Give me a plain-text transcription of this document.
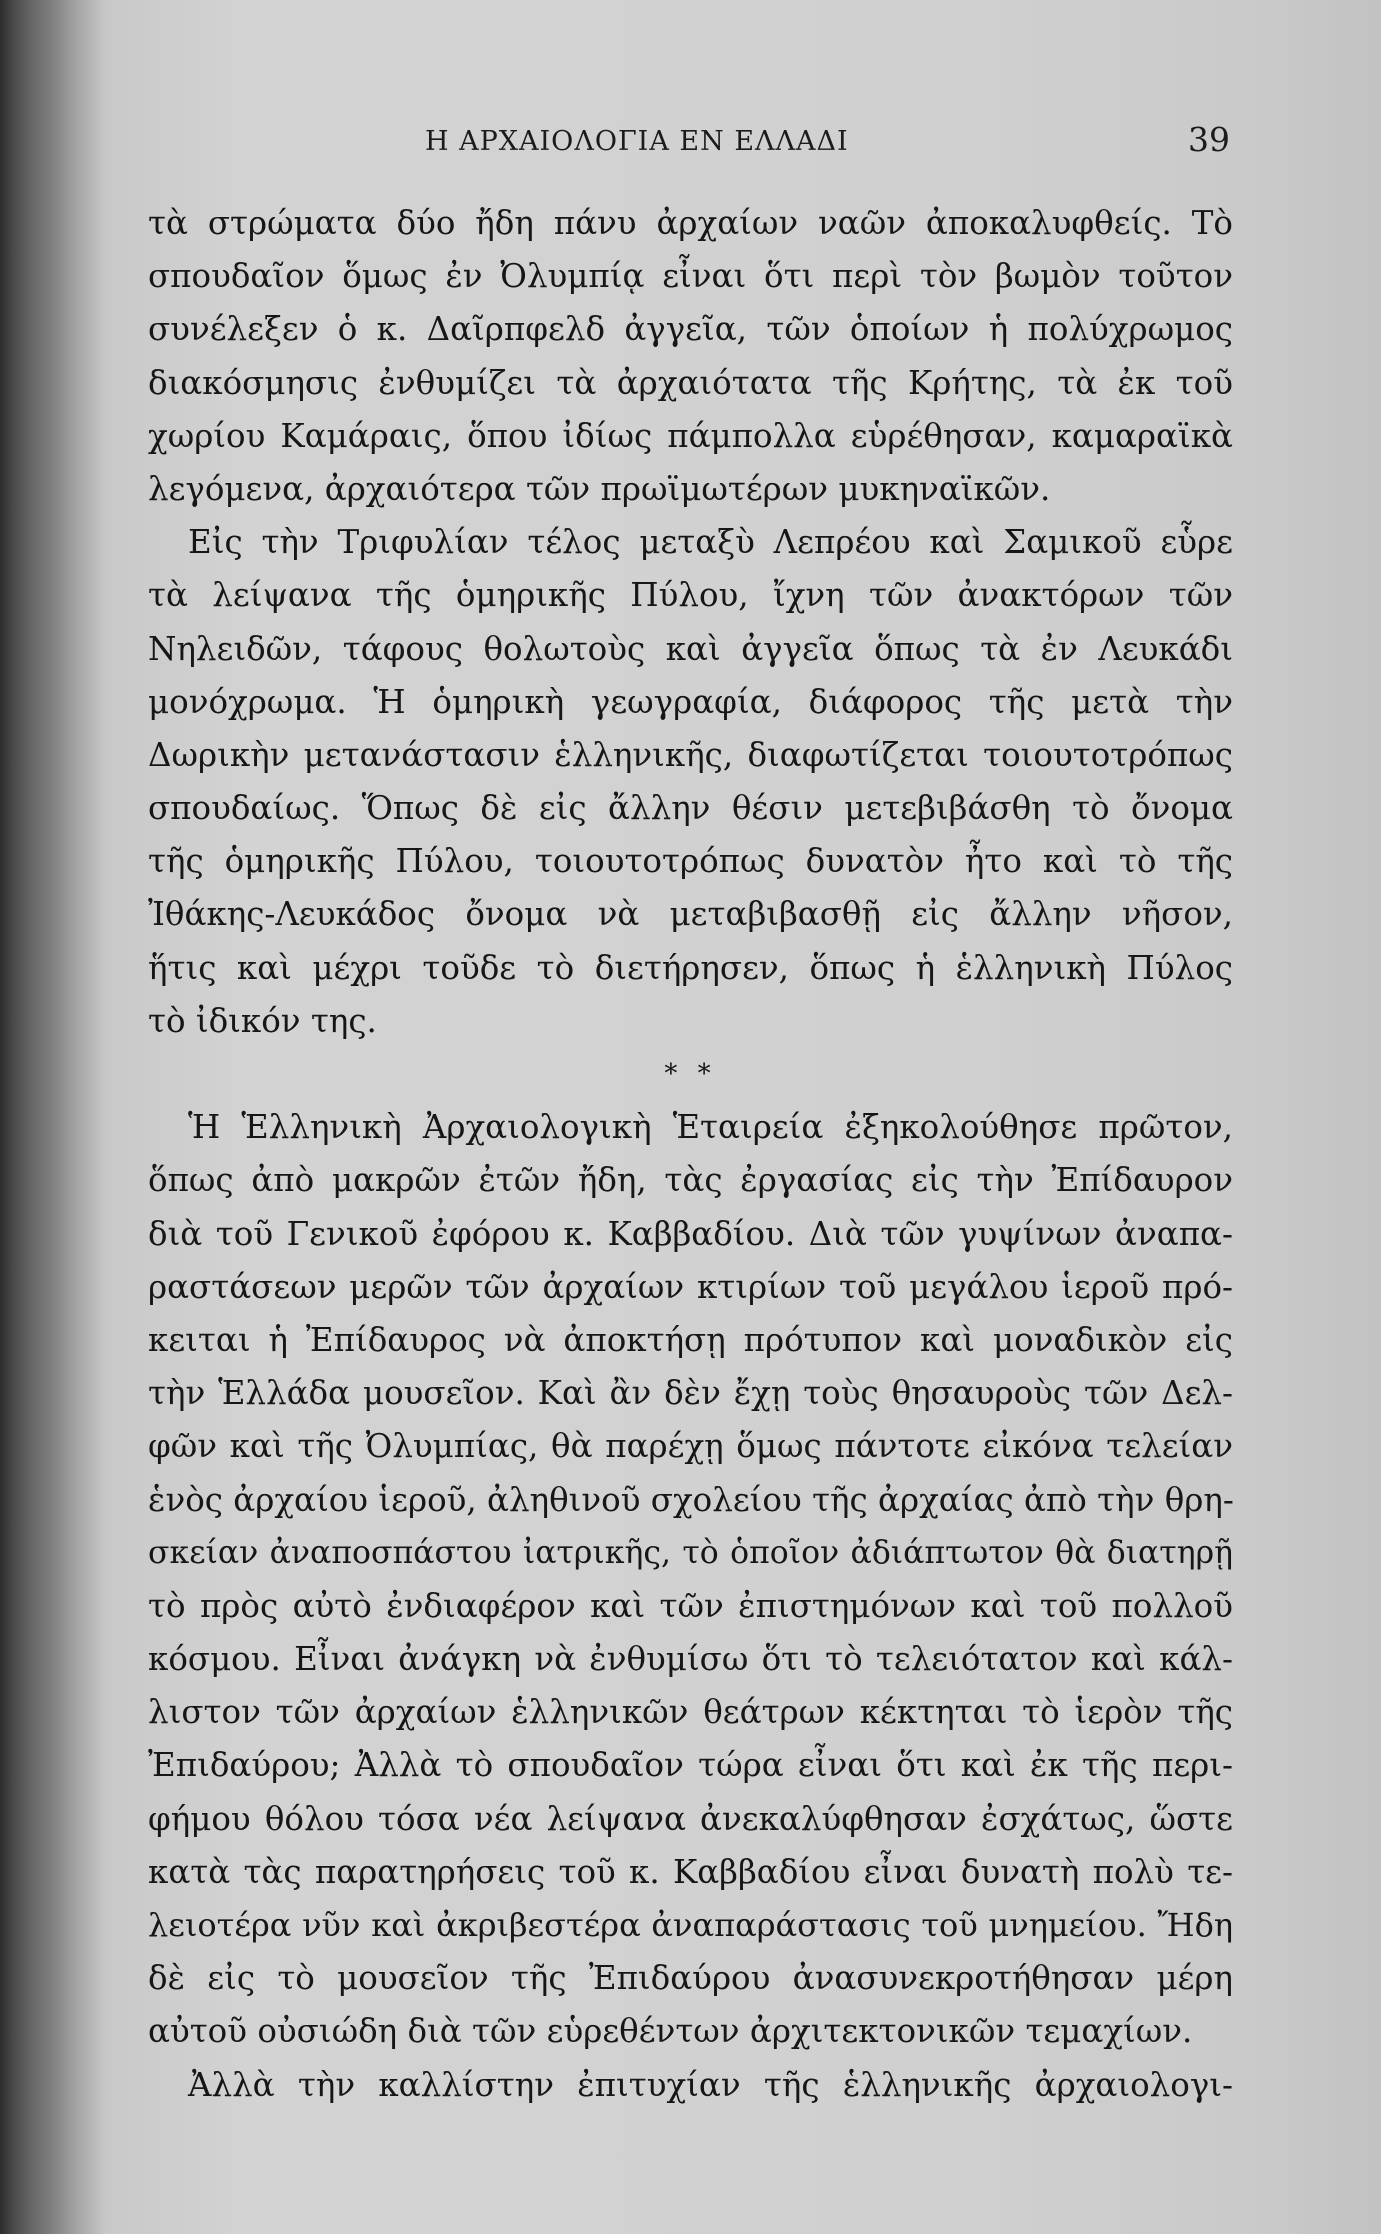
Η ΑΡΧΑΙΟΛΟΓΙΑ ΕΝ ΕΛΛΑΔΙ	39
τὰ στρώματα δύο ἤδη πάνυ ἀρχαίων ναῶν ἀποκαλυφθείς. Τὸ
σπουδαῖον ὅμως ἐν Ὀλυμπίᾳ εἶναι ὅτι περὶ τὸν βωμὸν τοῦτον
συνέλεξεν ὁ κ. Δαῖρπφελδ ἀγγεῖα, τῶν ὁποίων ἡ πολύχρωμος
διακόσμησις ἐνθυμίζει τὰ ἀρχαιότατα τῆς Κρήτης, τὰ ἐκ τοῦ
χωρίου Καμάραις, ὅπου ἰδίως πάμπολλα εὑρέθησαν, καμαραϊκὰ
λεγόμενα, ἀρχαιότερα τῶν πρωϊμωτέρων μυκηναϊκῶν.
Εἰς τὴν Τριφυλίαν τέλος μεταξὺ Λεπρέου καὶ Σαμικοῦ εὗρε
τὰ λείψανα τῆς ὁμηρικῆς Πύλου, ἴχνη τῶν ἀνακτόρων τῶν
Νηλειδῶν, τάφους θολωτοὺς καὶ ἀγγεῖα ὅπως τὰ ἐν Λευκάδι
μονόχρωμα. Ἡ ὁμηρικὴ γεωγραφία, διάφορος τῆς μετὰ τὴν
Δωρικὴν μετανάστασιν ἑλληνικῆς, διαφωτίζεται τοιουτοτρόπως
σπουδαίως. Ὅπως δὲ εἰς ἄλλην θέσιν μετεβιβάσθη τὸ ὄνομα
τῆς ὁμηρικῆς Πύλου, τοιουτοτρόπως δυνατὸν ἦτο καὶ τὸ τῆς
Ἰθάκης-Λευκάδος ὄνομα νὰ μεταβιβασθῇ εἰς ἄλλην νῆσον,
ἥτις καὶ μέχρι τοῦδε τὸ διετήρησεν, ὅπως ἡ ἑλληνικὴ Πύλος
τὸ ἰδικόν της.
* *
Ἡ Ἑλληνικὴ Ἀρχαιολογικὴ Ἑταιρεία ἐξηκολούθησε πρῶτον,
ὅπως ἀπὸ μακρῶν ἐτῶν ἤδη, τὰς ἐργασίας εἰς τὴν Ἐπίδαυρον
διὰ τοῦ Γενικοῦ ἐφόρου κ. Καββαδίου. Διὰ τῶν γυψίνων ἀναπα-
ραστάσεων μερῶν τῶν ἀρχαίων κτιρίων τοῦ μεγάλου ἱεροῦ πρό-
κειται ἡ Ἐπίδαυρος νὰ ἀποκτήσῃ πρότυπον καὶ μοναδικὸν εἰς
τὴν Ἑλλάδα μουσεῖον. Καὶ ἂν δὲν ἔχῃ τοὺς θησαυροὺς τῶν Δελ-
φῶν καὶ τῆς Ὀλυμπίας, θὰ παρέχῃ ὅμως πάντοτε εἰκόνα τελείαν
ἑνὸς ἀρχαίου ἱεροῦ, ἀληθινοῦ σχολείου τῆς ἀρχαίας ἀπὸ τὴν θρη-
σκείαν ἀναποσπάστου ἰατρικῆς, τὸ ὁποῖον ἀδιάπτωτον θὰ διατηρῇ
τὸ πρὸς αὐτὸ ἐνδιαφέρον καὶ τῶν ἐπιστημόνων καὶ τοῦ πολλοῦ
κόσμου. Εἶναι ἀνάγκη νὰ ἐνθυμίσω ὅτι τὸ τελειότατον καὶ κάλ-
λιστον τῶν ἀρχαίων ἑλληνικῶν θεάτρων κέκτηται τὸ ἱερὸν τῆς
Ἐπιδαύρου; Ἀλλὰ τὸ σπουδαῖον τώρα εἶναι ὅτι καὶ ἐκ τῆς περι-
φήμου θόλου τόσα νέα λείψανα ἀνεκαλύφθησαν ἐσχάτως, ὥστε
κατὰ τὰς παρατηρήσεις τοῦ κ. Καββαδίου εἶναι δυνατὴ πολὺ τε-
λειοτέρα νῦν καὶ ἀκριβεστέρα ἀναπαράστασις τοῦ μνημείου. Ἤδη
δὲ εἰς τὸ μουσεῖον τῆς Ἐπιδαύρου ἀνασυνεκροτήθησαν μέρη
αὐτοῦ οὐσιώδη διὰ τῶν εὑρεθέντων ἀρχιτεκτονικῶν τεμαχίων.
Ἀλλὰ τὴν καλλίστην ἐπιτυχίαν τῆς ἑλληνικῆς ἀρχαιολογι-
